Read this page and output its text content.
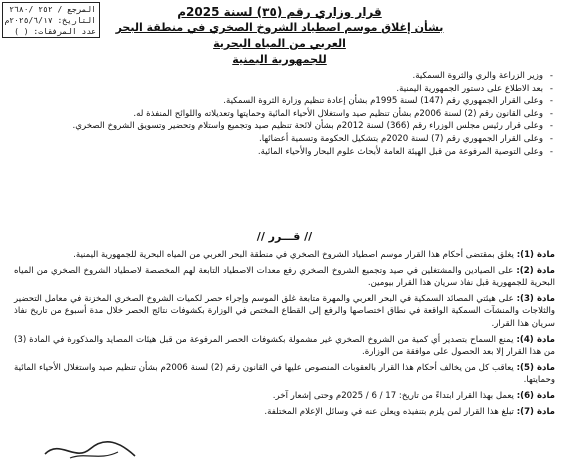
المرجع / ٢٥٢ /٢٦٨٠
التاريخ: ٢٠٢٥/٦/١٧م
عدد المرفقات: ( )
قرار وزاري رقم (٣٥) لسنة 2025م
بشأن إغلاق موسم اصطياد الشروخ الصخري في منطقة البحر العربي من المياه البحرية
للجمهورية اليمنية
-
وزير الزراعة والري والثروة السمكية.
-
بعد الاطلاع على دستور الجمهورية اليمنية.
-
وعلى القرار الجمهوري رقم (147) لسنة 1995م بشأن إعادة تنظيم وزارة الثروة السمكية.
-
وعلى القانون رقم (2) لسنة 2006م بشأن تنظيم صيد واستغلال الأحياء المائية وحمايتها وتعديلاته واللوائح المنفذة له.
-
وعلى قرار رئيس مجلس الوزراء رقم (366) لسنة 2012م بشأن لائحة تنظيم صيد وتجميع واستلام وتحضير وتسويق الشروخ الصخري.
-
وعلى القرار الجمهوري رقم (7) لسنة 2020م بتشكيل الحكومة وتسمية أعضائها.
-
وعلى التوصية المرفوعة من قبل الهيئة العامة لأبحاث علوم البحار والأحياء المائية.
// قـــرر //
مادة (1): يغلق بمقتضى أحكام هذا القرار موسم اصطياد الشروخ الصخري في منطقة البحر العربي من المياه البحرية للجمهورية اليمنية.
مادة (2): على الصيادين والمشتغلين في صيد وتجميع الشروخ الصخري رفع معدات الاصطياد التابعة لهم المخصصة لاصطياد الشروخ الصخري من المياه البحرية للجمهورية قبل نفاذ سريان هذا القرار بيومين.
مادة (3): على هيئتي المصائد السمكية في البحر العربي والمهرة متابعة غلق الموسم وإجراء حصر لكميات الشروخ الصخري المخزنة في معامل التحضير والثلاجات والمنشآت السمكية الواقعة في نطاق اختصاصها والرفع إلى القطاع المختص في الوزارة بكشوفات نتائج الحصر خلال مدة أسبوع من تاريخ نفاذ سريان هذا القرار.
مادة (4): يمنع السماح بتصدير أي كمية من الشروخ الصخري غير مشمولة بكشوفات الحصر المرفوعة من قبل هيئات المصايد والمذكورة في المادة (3) من هذا القرار إلا بعد الحصول على موافقة من الوزارة.
مادة (5): يعاقب كل من يخالف أحكام هذا القرار بالعقوبات المنصوص عليها في القانون رقم (2) لسنة 2006م بشأن تنظيم صيد واستغلال الأحياء المائية وحمايتها.
مادة (6): يعمل بهذا القرار ابتداءً من تاريخ: 17 / 6 / 2025م وحتى إشعار آخر.
مادة (7): تبلغ هذا القرار لمن يلزم بتنفيذه ويعلن عنه في وسائل الإعلام المختلفة.
